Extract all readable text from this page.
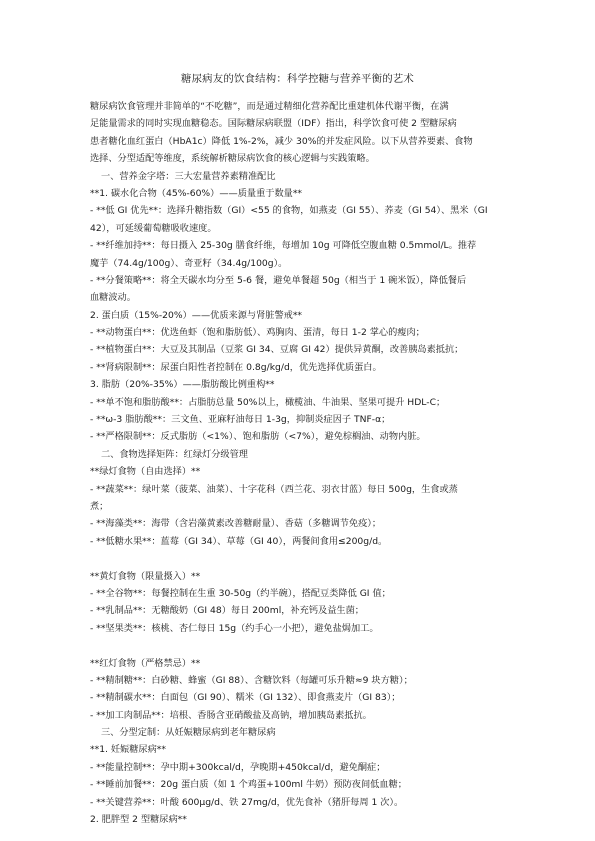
糖尿病友的饮食结构：科学控糖与营养平衡的艺术
糖尿病饮食管理并非简单的“不吃糖”，而是通过精细化营养配比重建机体代谢平衡，在满
足能量需求的同时实现血糖稳态。国际糖尿病联盟（IDF）指出，科学饮食可使 2 型糖尿病
患者糖化血红蛋白（HbA1c）降低 1%-2%，减少 30%的并发症风险。以下从营养要素、食物
选择、分型适配等维度，系统解析糖尿病饮食的核心逻辑与实践策略。
一、营养金字塔：三大宏量营养素精准配比
**1. 碳水化合物（45%-60%）——质量重于数量**
- **低 GI 优先**：选择升糖指数（GI）<55 的食物，如燕麦（GI 55）、荞麦（GI 54）、黑米（GI
42），可延缓葡萄糖吸收速度。
- **纤维加持**：每日摄入 25-30g 膳食纤维，每增加 10g 可降低空腹血糖 0.5mmol/L。推荐
魔芋（74.4g/100g）、奇亚籽（34.4g/100g）。
- **分餐策略**：将全天碳水均分至 5-6 餐，避免单餐超 50g（相当于 1 碗米饭），降低餐后
血糖波动。
2. 蛋白质（15%-20%）——优质来源与肾脏警戒**
- **动物蛋白**：优选鱼虾（饱和脂肪低）、鸡胸肉、蛋清，每日 1-2 掌心的瘦肉；
- **植物蛋白**：大豆及其制品（豆浆 GI 34、豆腐 GI 42）提供异黄酮，改善胰岛素抵抗；
- **肾病限制**：尿蛋白阳性者控制在 0.8g/kg/d，优先选择优质蛋白。
3. 脂肪（20%-35%）——脂肪酸比例重构**
- **单不饱和脂肪酸**：占脂肪总量 50%以上，橄榄油、牛油果、坚果可提升 HDL-C；
- **ω-3 脂肪酸**：三文鱼、亚麻籽油每日 1-3g，抑制炎症因子 TNF-α；
- **严格限制**：反式脂肪（<1%）、饱和脂肪（<7%），避免棕榈油、动物内脏。
二、食物选择矩阵：红绿灯分级管理
**绿灯食物（自由选择）**
- **蔬菜**：绿叶菜（菠菜、油菜）、十字花科（西兰花、羽衣甘蓝）每日 500g，生食或蒸
煮；
- **海藻类**：海带（含岩藻黄素改善糖耐量）、香菇（多糖调节免疫）；
- **低糖水果**：蓝莓（GI 34）、草莓（GI 40），两餐间食用≤200g/d。
**黄灯食物（限量摄入）**
- **全谷物**：每餐控制在生重 30-50g（约半碗），搭配豆类降低 GI 值；
- **乳制品**：无糖酸奶（GI 48）每日 200ml，补充钙及益生菌；
- **坚果类**：核桃、杏仁每日 15g（约手心一小把），避免盐焗加工。
**红灯食物（严格禁忌）**
- **精制糖**：白砂糖、蜂蜜（GI 88）、含糖饮料（每罐可乐升糖≈9 块方糖）；
- **精制碳水**：白面包（GI 90）、糯米（GI 132）、即食燕麦片（GI 83）；
- **加工肉制品**：培根、香肠含亚硝酸盐及高钠，增加胰岛素抵抗。
三、分型定制：从妊娠糖尿病到老年糖尿病
**1. 妊娠糖尿病**
- **能量控制**：孕中期+300kcal/d，孕晚期+450kcal/d，避免酮症；
- **睡前加餐**：20g 蛋白质（如 1 个鸡蛋+100ml 牛奶）预防夜间低血糖；
- **关键营养**：叶酸 600μg/d、铁 27mg/d，优先食补（猪肝每周 1 次）。
2. 肥胖型 2 型糖尿病**
